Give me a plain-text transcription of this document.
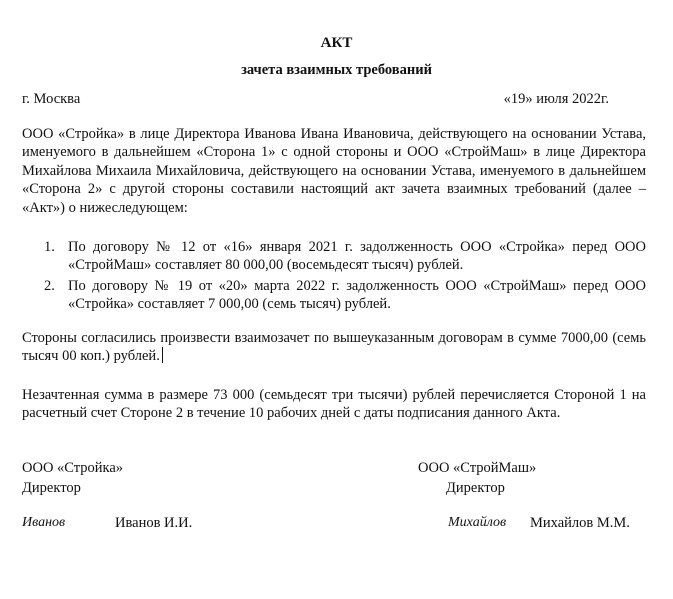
АКТ
зачета взаимных требований
г. Москва	«19» июля 2022г.

ООО «Стройка» в лице Директора Иванова Ивана Ивановича, действующего на основании Устава, именуемого в дальнейшем «Сторона 1» с одной стороны и ООО «СтройМаш» в лице Директора Михайлова Михаила Михайловича, действующего на основании Устава, именуемого в дальнейшем «Сторона 2» с другой стороны составили настоящий акт зачета взаимных требований (далее – «Акт») о нижеследующем:

1. По договору № 12 от «16» января 2021 г. задолженность ООО «Стройка» перед ООО «СтройМаш» составляет 80 000,00 (восемьдесят тысяч) рублей.
2. По договору № 19 от «20» марта 2022 г. задолженность ООО «СтройМаш» перед ООО «Стройка» составляет 7 000,00 (семь тысяч) рублей.

Стороны согласились произвести взаимозачет по вышеуказанным договорам в сумме 7000,00 (семь тысяч 00 коп.) рублей.

Незачтенная сумма в размере 73 000 (семьдесят три тысячи) рублей перечисляется Стороной 1 на расчетный счет Стороне 2 в течение 10 рабочих дней с даты подписания данного Акта.

ООО «Стройка»
Директор
ООО «СтройМаш»
Директор
Иванов	Иванов И.И.	Михайлов Михайлов М.М.
